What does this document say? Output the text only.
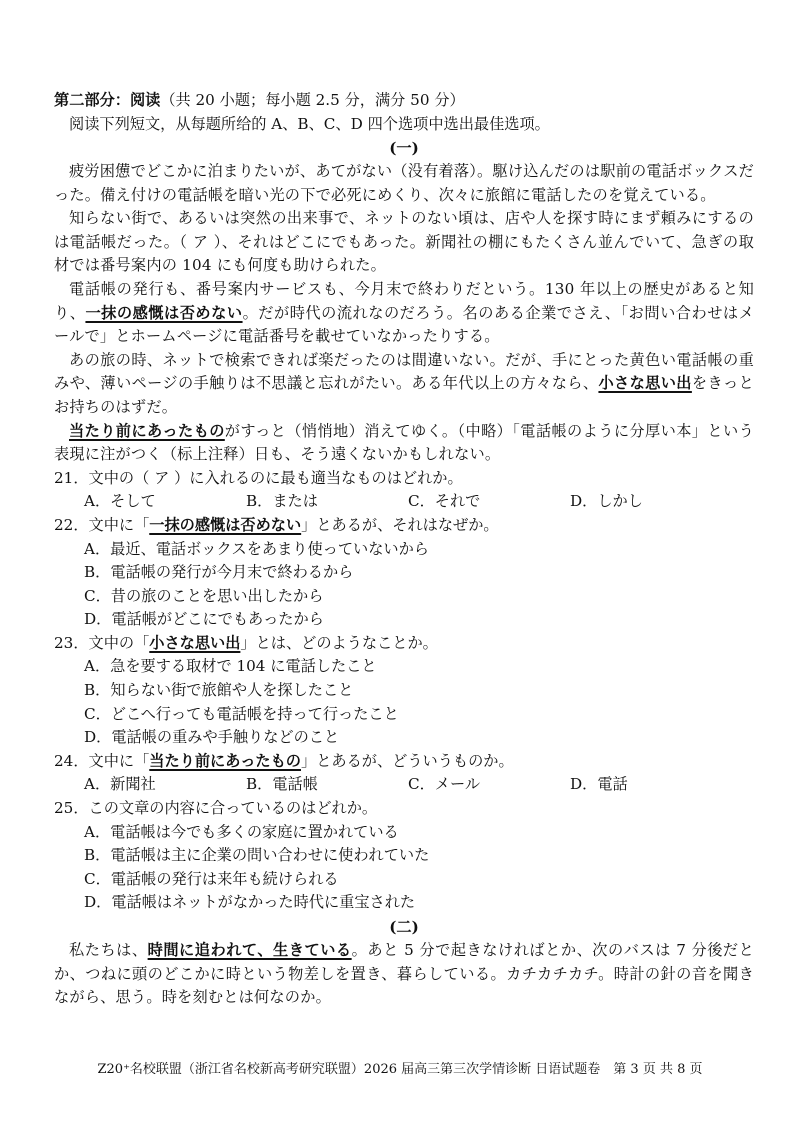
第二部分：阅读（共 20 小题；每小题 2.5 分，满分 50 分）

阅读下列短文，从每题所给的 A、B、C、D 四个选项中选出最佳选项。

(一)

疲労困憊でどこかに泊まりたいが、あてがない（没有着落）。駆け込んだのは駅前の電話ボックスだった。備え付けの電話帳を暗い光の下で必死にめくり、次々に旅館に電話したのを覚えている。

知らない街で、あるいは突然の出来事で、ネットのない頃は、店や人を探す時にまず頼みにするのは電話帳だった。（ ア ）、それはどこにでもあった。新聞社の棚にもたくさん並んでいて、急ぎの取材では番号案内の 104 にも何度も助けられた。

電話帳の発行も、番号案内サービスも、今月末で終わりだという。130 年以上の歴史があると知り、一抹の感慨は否めない。だが時代の流れなのだろう。名のある企業でさえ、「お問い合わせはメールで」とホームページに電話番号を載せていなかったりする。

あの旅の時、ネットで検索できれば楽だったのは間違いない。だが、手にとった黄色い電話帳の重みや、薄いページの手触りは不思議と忘れがたい。ある年代以上の方々なら、小さな思い出をきっとお持ちのはずだ。

当たり前にあったものがすっと（悄悄地）消えてゆく。（中略）「電話帳のように分厚い本」という表現に注がつく（标上注释）日も、そう遠くないかもしれない。

21．文中の（ ア ）に入れるのに最も適当なものはどれか。
A．そして	B．または	C．それで	D．しかし
22．文中に「一抹の感慨は否めない」とあるが、それはなぜか。
A．最近、電話ボックスをあまり使っていないから
B．電話帳の発行が今月末で終わるから
C．昔の旅のことを思い出したから
D．電話帳がどこにでもあったから
23．文中の「小さな思い出」とは、どのようなことか。
A．急を要する取材で 104 に電話したこと
B．知らない街で旅館や人を探したこと
C．どこへ行っても電話帳を持って行ったこと
D．電話帳の重みや手触りなどのこと
24．文中に「当たり前にあったもの」とあるが、どういうものか。
A．新聞社	B．電話帳	C．メール	D．電話
25．この文章の内容に合っているのはどれか。
A．電話帳は今でも多くの家庭に置かれている
B．電話帳は主に企業の問い合わせに使われていた
C．電話帳の発行は来年も続けられる
D．電話帳はネットがなかった時代に重宝された

(二)

私たちは、時間に追われて、生きている。あと 5 分で起きなければとか、次のバスは 7 分後だとか、つねに頭のどこかに時という物差しを置き、暮らしている。カチカチカチ。時計の針の音を聞きながら、思う。時を刻むとは何なのか。

Z20⁺名校联盟（浙江省名校新高考研究联盟）2026 届高三第三次学情诊断 日语试题卷　第 3 页 共 8 页
